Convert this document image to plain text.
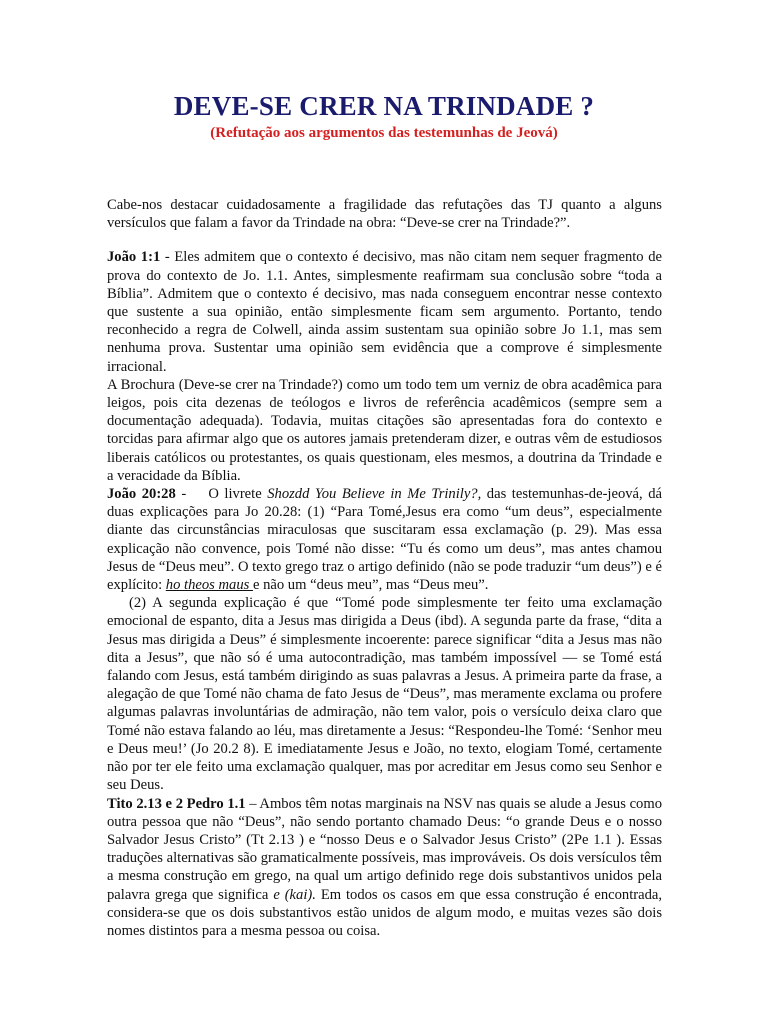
DEVE-SE CRER NA TRINDADE ?
(Refutação aos argumentos das testemunhas de Jeová)

Cabe-nos destacar cuidadosamente a fragilidade das refutações das TJ quanto a alguns versículos que falam a favor da Trindade na obra: “Deve-se crer na Trindade?”.

João 1:1 - Eles admitem que o contexto é decisivo, mas não citam nem sequer fragmento de prova do contexto de Jo. 1.1. Antes, simplesmente reafirmam sua conclusão sobre “toda a Bíblia”. Admitem que o contexto é decisivo, mas nada conseguem encontrar nesse contexto que sustente a sua opinião, então simplesmente ficam sem argumento. Portanto, tendo reconhecido a regra de Colwell, ainda assim sustentam sua opinião sobre Jo 1.1, mas sem nenhuma prova. Sustentar uma opinião sem evidência que a comprove é simplesmente irracional.

A Brochura (Deve-se crer na Trindade?) como um todo tem um verniz de obra acadêmica para leigos, pois cita dezenas de teólogos e livros de referência acadêmicos (sempre sem a documentação adequada). Todavia, muitas citações são apresentadas fora do contexto e torcidas para afirmar algo que os autores jamais pretenderam dizer, e outras vêm de estudiosos liberais católicos ou protestantes, os quais questionam, eles mesmos, a doutrina da Trindade e a veracidade da Bíblia.

João 20:28 -    O livrete Shozdd You Believe in Me Trinily?, das testemunhas-de-jeová, dá duas explicações para Jo 20.28: (1) “Para Tomé,Jesus era como “um deus”, especialmente diante das circunstâncias miraculosas que suscitaram essa exclamação (p. 29). Mas essa explicação não convence, pois Tomé não disse: “Tu és como um deus”, mas antes chamou Jesus de “Deus meu”. O texto grego traz o artigo definido (não se pode traduzir “um deus”) e é explícito: ho theos maus e não um “deus meu”, mas “Deus meu”.

(2) A segunda explicação é que “Tomé pode simplesmente ter feito uma exclamação emocional de espanto, dita a Jesus mas dirigida a Deus (ibd). A segunda parte da frase, “dita a Jesus mas dirigida a Deus” é simplesmente incoerente: parece significar “dita a Jesus mas não dita a Jesus”, que não só é uma autocontradição, mas também impossível — se Tomé está falando com Jesus, está também dirigindo as suas palavras a Jesus. A primeira parte da frase, a alegação de que Tomé não chama de fato Jesus de “Deus”, mas meramente exclama ou profere algumas palavras involuntárias de admiração, não tem valor, pois o versículo deixa claro que Tomé não estava falando ao léu, mas diretamente a Jesus: “Respondeu-lhe Tomé: ‘Senhor meu e Deus meu!’ (Jo 20.2 8). E imediatamente Jesus e João, no texto, elogiam Tomé, certamente não por ter ele feito uma exclamação qualquer, mas por acreditar em Jesus como seu Senhor e seu Deus.

Tito 2.13 e 2 Pedro 1.1 – Ambos têm notas marginais na NSV nas quais se alude a Jesus como outra pessoa que não “Deus”, não sendo portanto chamado Deus: “o grande Deus e o nosso Salvador Jesus Cristo” (Tt 2.13 ) e “nosso Deus e o Salvador Jesus Cristo” (2Pe 1.1 ). Essas traduções alternativas são gramaticalmente possíveis, mas improváveis. Os dois versículos têm a mesma construção em grego, na qual um artigo definido rege dois substantivos unidos pela palavra grega que significa e (kai). Em todos os casos em que essa construção é encontrada, considera-se que os dois substantivos estão unidos de algum modo, e muitas vezes são dois nomes distintos para a mesma pessoa ou coisa.
